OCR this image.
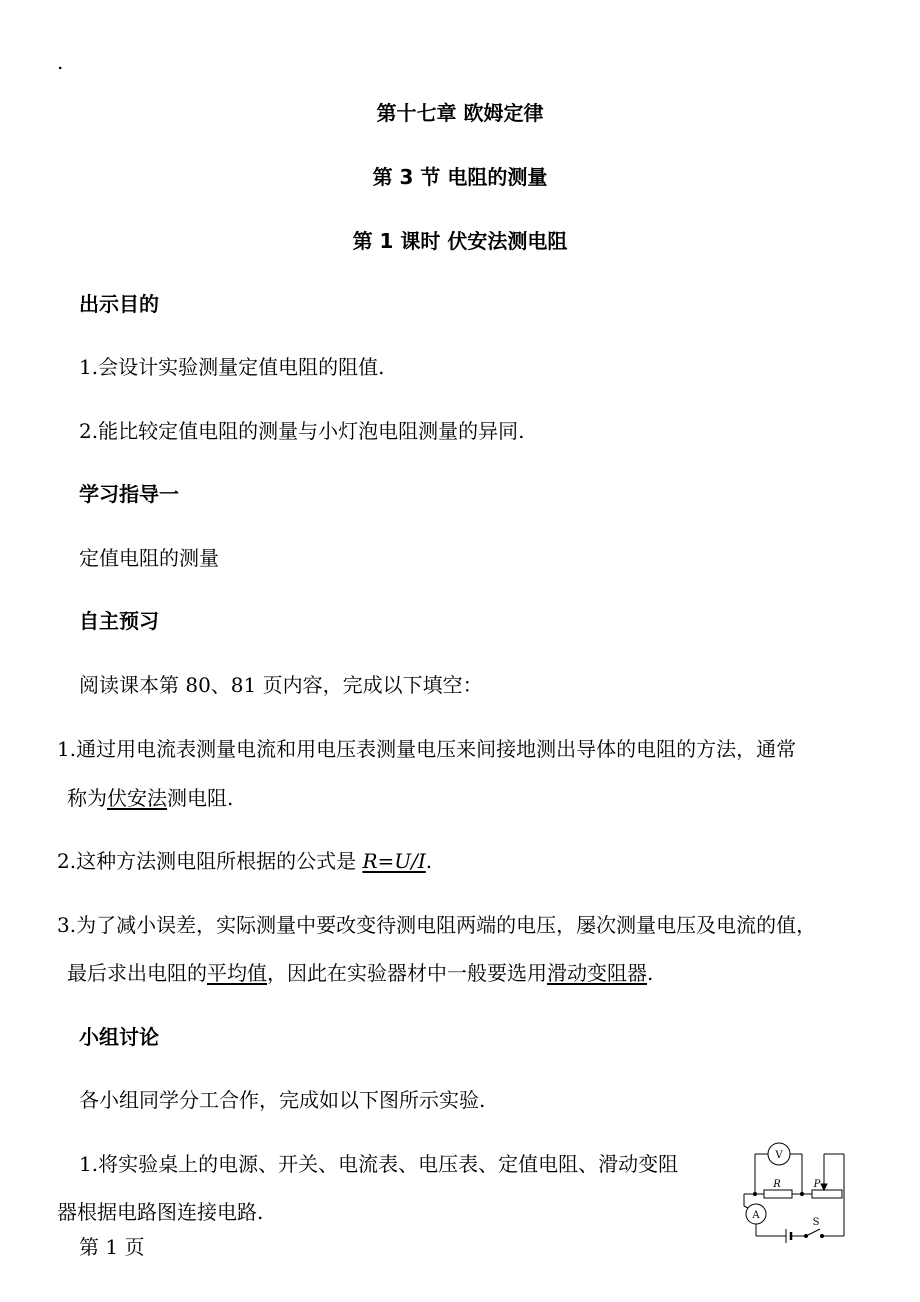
.
第十七章 欧姆定律
第 3 节 电阻的测量
第 1 课时 伏安法测电阻
出示目的
1.会设计实验测量定值电阻的阻值.
2.能比较定值电阻的测量与小灯泡电阻测量的异同.
学习指导一
定值电阻的测量
自主预习
阅读课本第 80、81 页内容，完成以下填空：
1.通过用电流表测量电流和用电压表测量电压来间接地测出导体的电阻的方法，通常
称为伏安法测电阻.
2.这种方法测电阻所根据的公式是 R=U/I.
3.为了减小误差，实际测量中要改变待测电阻两端的电压，屡次测量电压及电流的值，
最后求出电阻的平均值，因此在实验器材中一般要选用滑动变阻器.
小组讨论
各小组同学分工合作，完成如以下图所示实验.
1.将实验桌上的电源、开关、电流表、电压表、定值电阻、滑动变阻
器根据电路图连接电路.
第 1 页
V
A
R	P
S
